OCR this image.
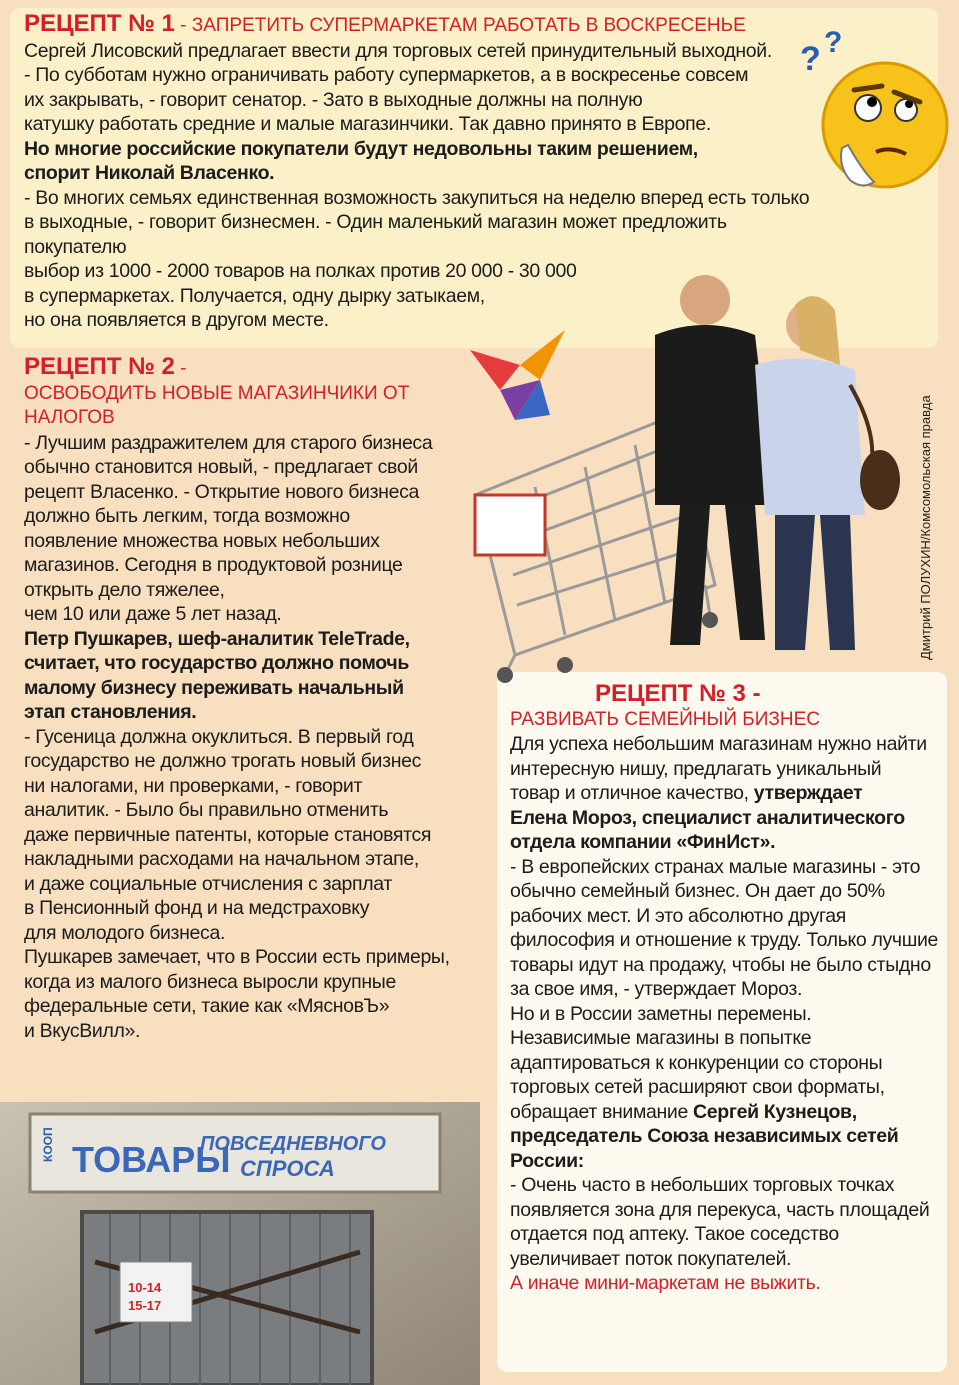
РЕЦЕПТ № 1 - ЗАПРЕТИТЬ СУПЕРМАРКЕТАМ РАБОТАТЬ В ВОСКРЕСЕНЬЕ

Сергей Лисовский предлагает ввести для торговых сетей принудительный выходной.

- По субботам нужно ограничивать работу супермаркетов, а в воскресенье совсем

их закрывать, - говорит сенатор. - Зато в выходные должны на полную

катушку работать средние и малые магазинчики. Так давно принято в Европе.

Но многие российские покупатели будут недовольны таким решением,

спорит Николай Власенко.

- Во многих семьях единственная возможность закупиться на неделю вперед есть только

в выходные, - говорит бизнесмен. - Один маленький магазин может предложить покупателю

выбор из 1000 - 2000 товаров на полках против 20 000 - 30 000

в супермаркетах. Получается, одну дырку затыкаем,

но она появляется в другом месте.

? ?
Дмитрий ПОЛУХИН/Комсомольская правда

РЕЦЕПТ № 2 -

ОСВОБОДИТЬ НОВЫЕ МАГАЗИНЧИКИ ОТ НАЛОГОВ

- Лучшим раздражителем для старого бизнеса

обычно становится новый, - предлагает свой

рецепт Власенко. - Открытие нового бизнеса

должно быть легким, тогда возможно

появление множества новых небольших

магазинов. Сегодня в продуктовой рознице

открыть дело тяжелее,

чем 10 или даже 5 лет назад.

Петр Пушкарев, шеф-аналитик TeleTrade,

считает, что государство должно помочь

малому бизнесу переживать начальный

этап становления.

- Гусеница должна окуклиться. В первый год

государство не должно трогать новый бизнес

ни налогами, ни проверками, - говорит

аналитик. - Было бы правильно отменить

даже первичные патенты, которые становятся

накладными расходами на начальном этапе,

и даже социальные отчисления с зарплат

в Пенсионный фонд и на медстраховку

для молодого бизнеса.

Пушкарев замечает, что в России есть примеры,

когда из малого бизнеса выросли крупные

федеральные сети, такие как «МясновЪ»

и ВкусВилл».

РЕЦЕПТ № 3 -

РАЗВИВАТЬ СЕМЕЙНЫЙ БИЗНЕС

Для успеха небольшим магазинам нужно найти

интересную нишу, предлагать уникальный

товар и отличное качество, утверждает

Елена Мороз, специалист аналитического

отдела компании «ФинИст».

- В европейских странах малые магазины - это

обычно семейный бизнес. Он дает до 50%

рабочих мест. И это абсолютно другая

философия и отношение к труду. Только лучшие

товары идут на продажу, чтобы не было стыдно

за свое имя, - утверждает Мороз.

Но и в России заметны перемены.

Независимые магазины в попытке

адаптироваться к конкуренции со стороны

торговых сетей расширяют свои форматы,

обращает внимание Сергей Кузнецов,

председатель Союза независимых сетей

России:

- Очень часто в небольших торговых точках

появляется зона для перекуса, часть площадей

отдается под аптеку. Такое соседство

увеличивает поток покупателей.

А иначе мини-маркетам не выжить.

КООП ТОВАРЫ
ПОВСЕДНЕВНОГО
СПРОСА
10-14
15-17
